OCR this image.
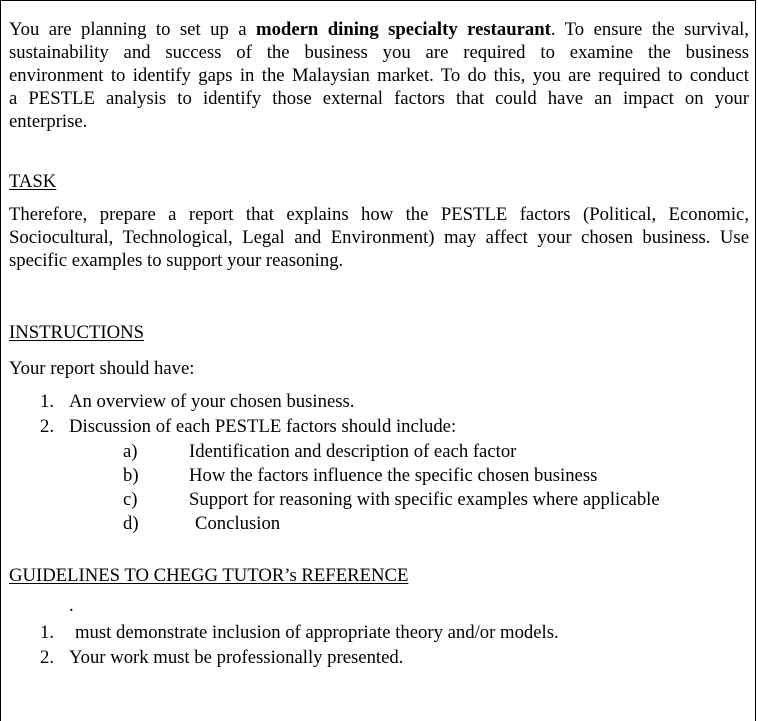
You are planning to set up a modern dining specialty restaurant. To ensure the survival,
sustainability and success of the business you are required to examine the business
environment to identify gaps in the Malaysian market. To do this, you are required to conduct
a PESTLE analysis to identify those external factors that could have an impact on your
enterprise.
TASK
Therefore, prepare a report that explains how the PESTLE factors (Political, Economic,
Sociocultural, Technological, Legal and Environment) may affect your chosen business. Use
specific examples to support your reasoning.
INSTRUCTIONS
Your report should have:
1. An overview of your chosen business.
2. Discussion of each PESTLE factors should include:
a)	Identification and description of each factor
b)	How the factors influence the specific chosen business
c)	Support for reasoning with specific examples where applicable
d)	Conclusion
GUIDELINES TO CHEGG TUTOR’s REFERENCE
.
1. must demonstrate inclusion of appropriate theory and/or models.
2. Your work must be professionally presented.
